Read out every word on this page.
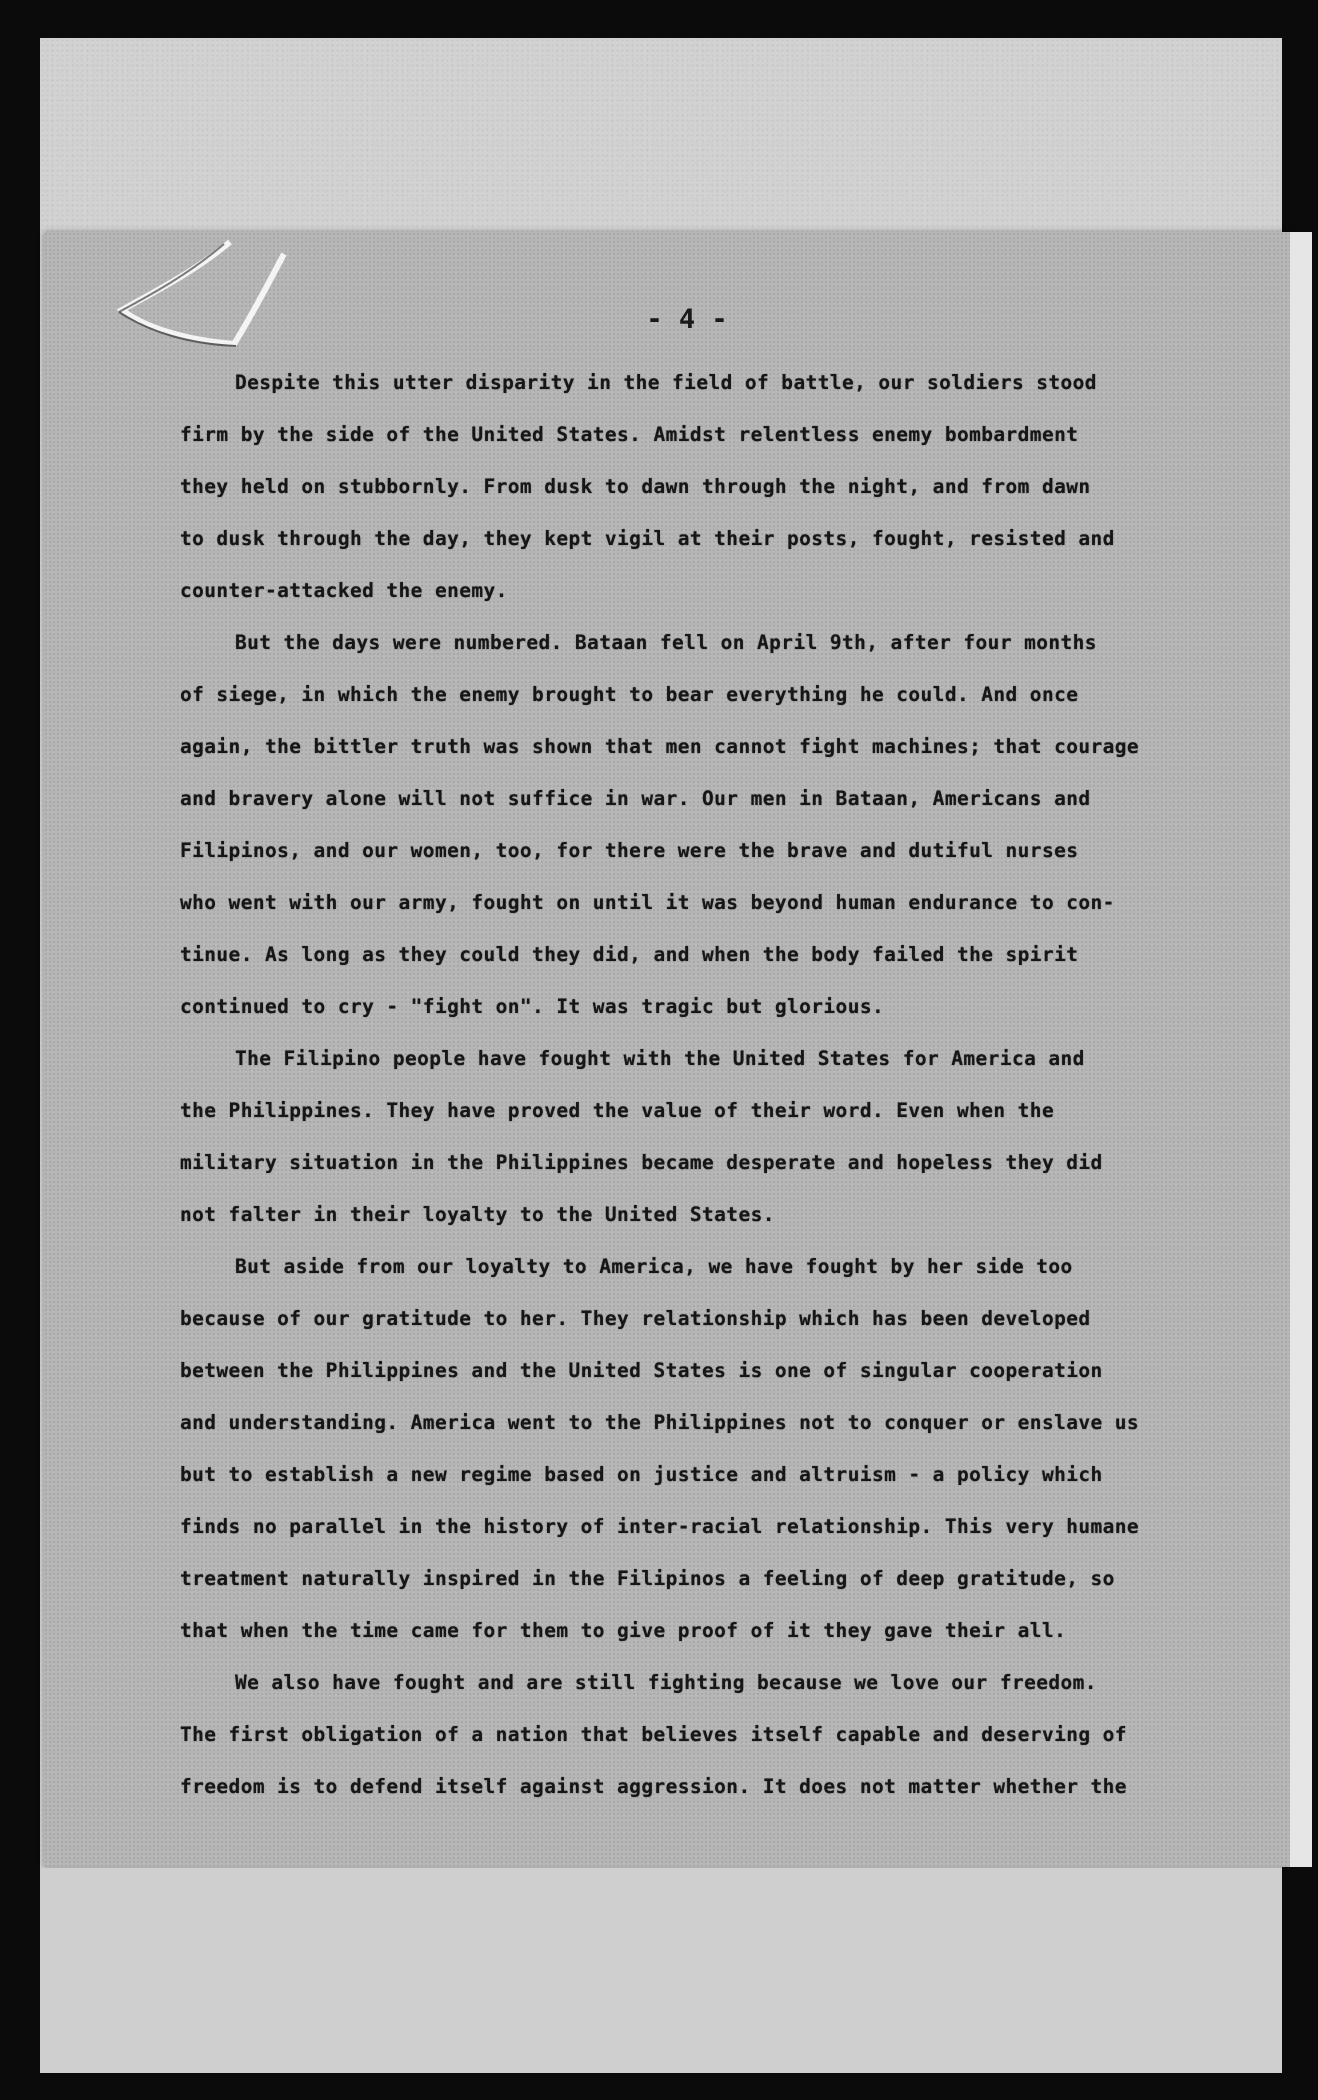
- 4 -
Despite this utter disparity in the field of battle, our soldiers stood
firm by the side of the United States. Amidst relentless enemy bombardment
they held on stubbornly. From dusk to dawn through the night, and from dawn
to dusk through the day, they kept vigil at their posts, fought, resisted and
counter-attacked the enemy.
But the days were numbered. Bataan fell on April 9th, after four months
of siege, in which the enemy brought to bear everything he could. And once
again, the bittler truth was shown that men cannot fight machines; that courage
and bravery alone will not suffice in war. Our men in Bataan, Americans and
Filipinos, and our women, too, for there were the brave and dutiful nurses
who went with our army, fought on until it was beyond human endurance to con-
tinue. As long as they could they did, and when the body failed the spirit
continued to cry - "fight on". It was tragic but glorious.
The Filipino people have fought with the United States for America and
the Philippines. They have proved the value of their word. Even when the
military situation in the Philippines became desperate and hopeless they did
not falter in their loyalty to the United States.
But aside from our loyalty to America, we have fought by her side too
because of our gratitude to her. They relationship which has been developed
between the Philippines and the United States is one of singular cooperation
and understanding. America went to the Philippines not to conquer or enslave us
but to establish a new regime based on justice and altruism - a policy which
finds no parallel in the history of inter-racial relationship. This very humane
treatment naturally inspired in the Filipinos a feeling of deep gratitude, so
that when the time came for them to give proof of it they gave their all.
We also have fought and are still fighting because we love our freedom.
The first obligation of a nation that believes itself capable and deserving of
freedom is to defend itself against aggression. It does not matter whether the
